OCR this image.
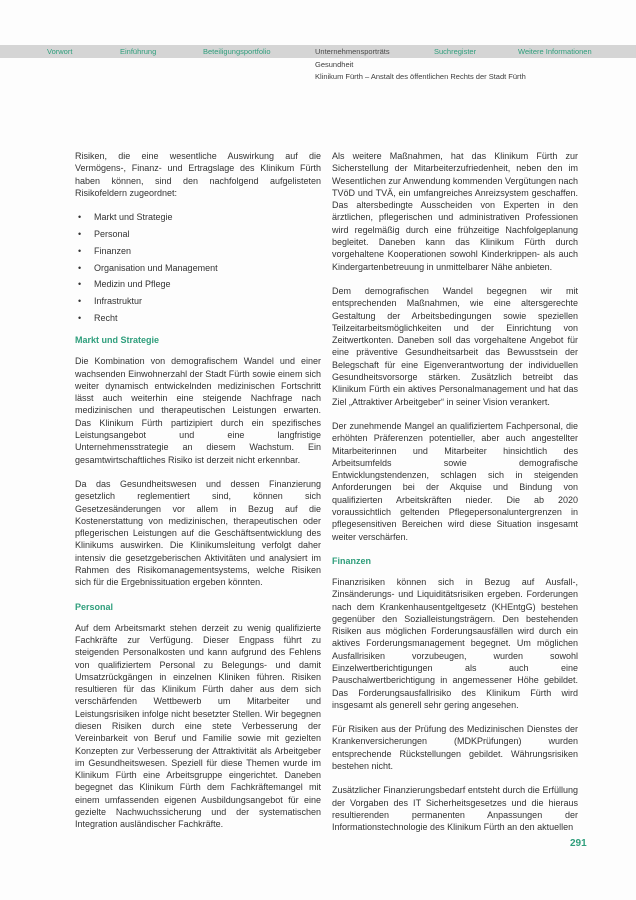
Vorwort	Einführung	Beteiligungsportfolio	Unternehmensporträts	Suchregister	Weitere Informationen
Gesundheit
Klinikum Fürth – Anstalt des öffentlichen Rechts der Stadt Fürth

Risiken, die eine wesentliche Auswirkung auf die Vermögens-, Finanz- und Ertragslage des Klinikum Fürth haben können, sind den nachfolgend aufgelisteten Risikofeldern zugeordnet:

• Markt und Strategie
• Personal
• Finanzen
• Organisation und Management
• Medizin und Pflege
• Infrastruktur
• Recht
Markt und Strategie

Die Kombination von demografischem Wandel und einer wachsenden Einwohnerzahl der Stadt Fürth sowie einem sich weiter dynamisch entwickelnden medizinischen Fortschritt lässt auch weiterhin eine steigende Nachfrage nach medizinischen und therapeutischen Leistungen erwarten. Das Klinikum Fürth partizipiert durch ein spezifisches Leistungsangebot und eine langfristige Unternehmensstrategie an diesem Wachstum. Ein gesamtwirtschaftliches Risiko ist derzeit nicht erkennbar.

Da das Gesundheitswesen und dessen Finanzierung gesetzlich reglementiert sind, können sich Gesetzesänderungen vor allem in Bezug auf die Kostenerstattung von medizinischen, therapeutischen oder pflegerischen Leistungen auf die Geschäftsentwicklung des Klinikums auswirken. Die Klinikumsleitung verfolgt daher intensiv die gesetzgeberischen Aktivitäten und analysiert im Rahmen des Risikomanagementsystems, welche Risiken sich für die Ergebnissituation ergeben könnten.

Personal

Auf dem Arbeitsmarkt stehen derzeit zu wenig qualifizierte Fachkräfte zur Verfügung. Dieser Engpass führt zu steigenden Personalkosten und kann aufgrund des Fehlens von qualifiziertem Personal zu Belegungs- und damit Umsatzrückgängen in einzelnen Kliniken führen. Risiken resultieren für das Klinikum Fürth daher aus dem sich verschärfenden Wettbewerb um Mitarbeiter und Leistungsrisiken infolge nicht besetzter Stellen. Wir begegnen diesen Risiken durch eine stete Verbesserung der Vereinbarkeit von Beruf und Familie sowie mit gezielten Konzepten zur Verbesserung der Attraktivität als Arbeitgeber im Gesundheitswesen. Speziell für diese Themen wurde im Klinikum Fürth eine Arbeitsgruppe eingerichtet. Daneben begegnet das Klinikum Fürth dem Fachkräftemangel mit einem umfassenden eigenen Ausbildungsangebot für eine gezielte Nachwuchssicherung und der systematischen Integration ausländischer Fachkräfte.

Als weitere Maßnahmen, hat das Klinikum Fürth zur Sicherstellung der Mitarbeiterzufriedenheit, neben den im Wesentlichen zur Anwendung kommenden Vergütungen nach TVöD und TVÄ, ein umfangreiches Anreizsystem geschaffen. Das altersbedingte Ausscheiden von Experten in den ärztlichen, pflegerischen und administrativen Professionen wird regelmäßig durch eine frühzeitige Nachfolgeplanung begleitet. Daneben kann das Klinikum Fürth durch vorgehaltene Kooperationen sowohl Kinderkrippen- als auch Kindergartenbetreuung in unmittelbarer Nähe anbieten.

Dem demografischen Wandel begegnen wir mit entsprechenden Maßnahmen, wie eine altersgerechte Gestaltung der Arbeitsbedingungen sowie speziellen Teilzeitarbeitsmöglichkeiten und der Einrichtung von Zeitwertkonten. Daneben soll das vorgehaltene Angebot für eine präventive Gesundheitsarbeit das Bewusstsein der Belegschaft für eine Eigenverantwortung der individuellen Gesundheitsvorsorge stärken. Zusätzlich betreibt das Klinikum Fürth ein aktives Personalmanagement und hat das Ziel „Attraktiver Arbeitgeber“ in seiner Vision verankert.

Der zunehmende Mangel an qualifiziertem Fachpersonal, die erhöhten Präferenzen potentieller, aber auch angestellter Mitarbeiterinnen und Mitarbeiter hinsichtlich des Arbeitsumfelds sowie demografische Entwicklungstendenzen, schlagen sich in steigenden Anforderungen bei der Akquise und Bindung von qualifizierten Arbeitskräften nieder. Die ab 2020 voraussichtlich geltenden Pflegepersonaluntergrenzen in pflegesensitiven Bereichen wird diese Situation insgesamt weiter verschärfen.

Finanzen

Finanzrisiken können sich in Bezug auf Ausfall-, Zinsänderungs- und Liquiditätsrisiken ergeben. Forderungen nach dem Krankenhausentgeltgesetz (KHEntgG) bestehen gegenüber den Sozialleistungsträgern. Den bestehenden Risiken aus möglichen Forderungsausfällen wird durch ein aktives Forderungsmanagement begegnet. Um möglichen Ausfallrisiken vorzubeugen, wurden sowohl Einzelwertberichtigungen als auch eine Pauschalwertberichtigung in angemessener Höhe gebildet. Das Forderungsausfallrisiko des Klinikum Fürth wird insgesamt als generell sehr gering angesehen.

Für Risiken aus der Prüfung des Medizinischen Dienstes der Krankenversicherungen (MDKPrüfungen) wurden entsprechende Rückstellungen gebildet. Währungsrisiken bestehen nicht.

Zusätzlicher Finanzierungsbedarf entsteht durch die Erfüllung der Vorgaben des IT Sicherheitsgesetzes und die hieraus resultierenden permanenten Anpassungen der Informationstechnologie des Klinikum Fürth an den aktuellen

291
